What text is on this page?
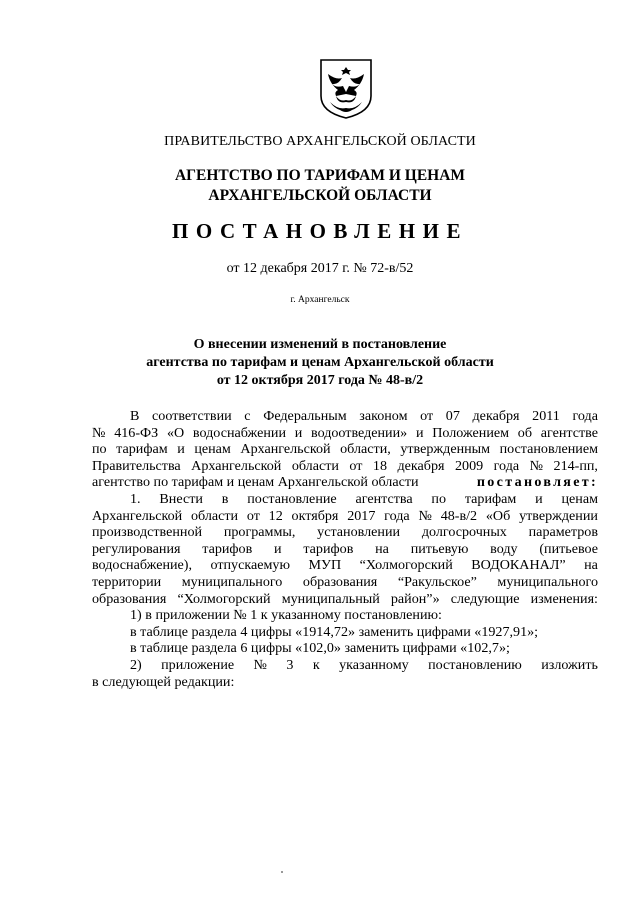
ПРАВИТЕЛЬСТВО АРХАНГЕЛЬСКОЙ ОБЛАСТИ
АГЕНТСТВО ПО ТАРИФАМ И ЦЕНАМ
АРХАНГЕЛЬСКОЙ ОБЛАСТИ
ПОСТАНОВЛЕНИЕ
от 12 декабря 2017 г. № 72-в/52
г. Архангельск
О внесении изменений в постановление
агентства по тарифам и ценам Архангельской области
от 12 октября 2017 года № 48-в/2
В соответствии с Федеральным законом от 07 декабря 2011 года
№ 416-ФЗ «О водоснабжении и водоотведении» и Положением об агентстве
по тарифам и ценам Архангельской области, утвержденным постановлением
Правительства Архангельской области от 18 декабря 2009 года № 214-пп,
агентство по тарифам и ценам Архангельской области	постановляет:
1. Внести в постановление агентства по тарифам и ценам
Архангельской области от 12 октября 2017 года № 48-в/2 «Об утверждении
производственной программы, установлении долгосрочных параметров
регулирования тарифов и тарифов на питьевую воду (питьевое
водоснабжение), отпускаемую МУП “Холмогорский ВОДОКАНАЛ” на
территории муниципального образования “Ракульское” муниципального
образования “Холмогорский муниципальный район”» следующие изменения:
1) в приложении № 1 к указанному постановлению:
в таблице раздела 4 цифры «1914,72» заменить цифрами «1927,91»;
в таблице раздела 6 цифры «102,0» заменить цифрами «102,7»;
2) приложение № 3 к указанному постановлению изложить
в следующей редакции:
